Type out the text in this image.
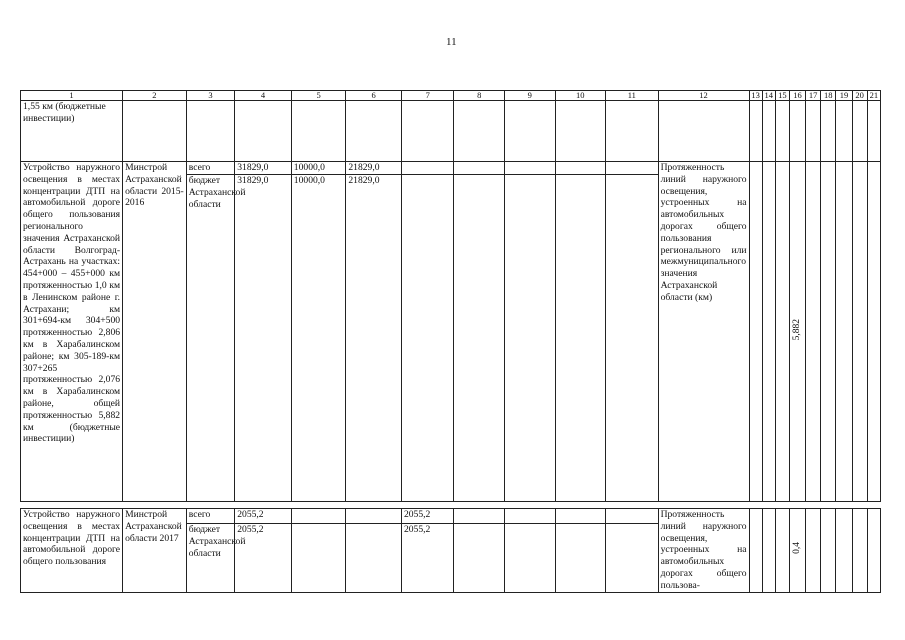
11
1	2	3	4	5	6	7	8	9	10	11	12	13	14	15	16	17	18	19	20	21
1,55 км (бюджетные инвестиции)																				
Устройство наружного освещения в местах концентрации ДТП на автомобильной дороге общего пользования регионального значения Астраханской области Волгоград-Астрахань на участках: 454+000 – 455+000 км протяженностью 1,0 км в Ленинском районе г. Астрахани; км 301+694-км 304+500 протяженностью 2,806 км в Харабалинском районе; км 305-189-км 307+265 протяженностью 2,076 км в Харабалинском районе, общей протяженностью 5,882 км (бюджетные инвестиции)	Минстрой Астраханской области 2015-2016	всего	31829,0	10000,0	21829,0						Протяженность линий наружного освещения, устроенных на автомобильных дорогах общего пользования регионального или межмуниципального значения Астраханской области (км)				5,882					
		бюджет Астраханской области	31829,0	10000,0	21829,0															

Устройство наружного освещения в местах концентрации ДТП на автомобильной дороге общего пользования	Минстрой Астраханской области 2017	всего	2055,2			2055,2					Протяженность линий наружного освещения, устроенных на автомобильных дорогах общего пользова-				0,4					
		бюджет Астраханской области	2055,2			2055,2														
